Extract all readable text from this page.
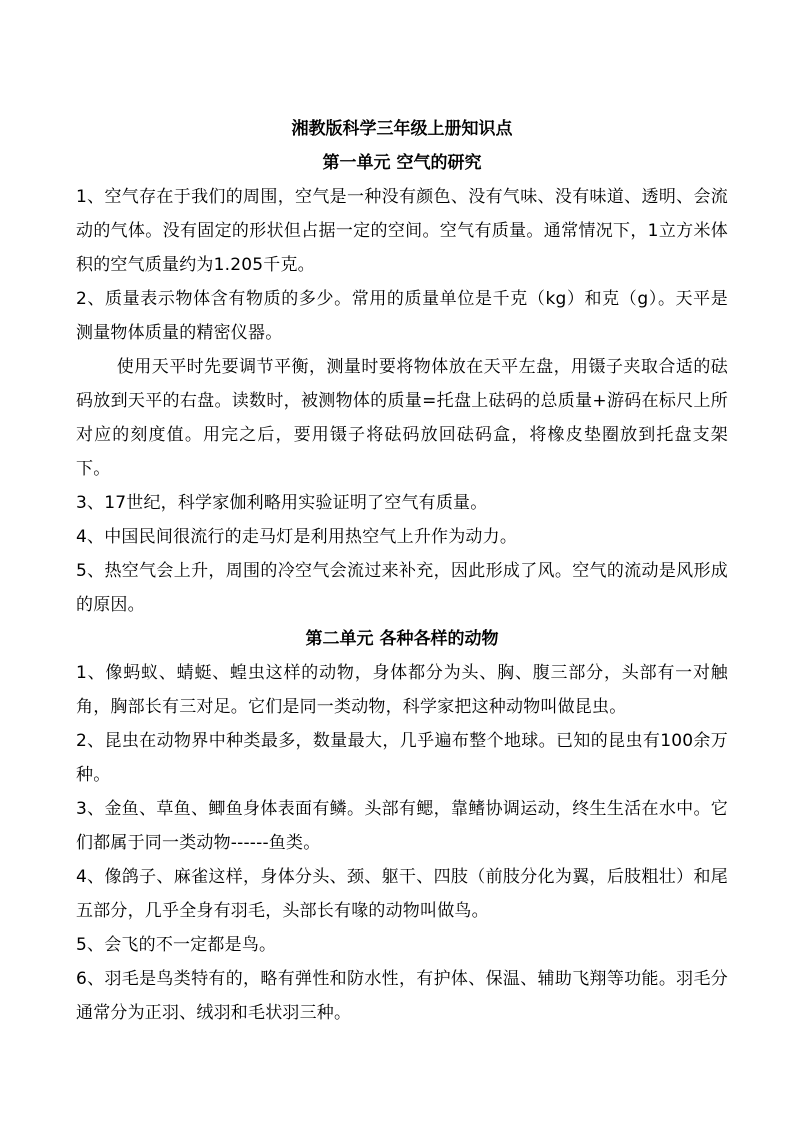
湘教版科学三年级上册知识点
第一单元 空气的研究

1、空气存在于我们的周围，空气是一种没有颜色、没有气味、没有味道、透明、会流动的气体。没有固定的形状但占据一定的空间。空气有质量。通常情况下，1立方米体积的空气质量约为1.205千克。

2、质量表示物体含有物质的多少。常用的质量单位是千克（kg）和克（g）。天平是测量物体质量的精密仪器。

使用天平时先要调节平衡，测量时要将物体放在天平左盘，用镊子夹取合适的砝码放到天平的右盘。读数时，被测物体的质量=托盘上砝码的总质量+游码在标尺上所对应的刻度值。用完之后，要用镊子将砝码放回砝码盒，将橡皮垫圈放到托盘支架下。

3、17世纪，科学家伽利略用实验证明了空气有质量。

4、中国民间很流行的走马灯是利用热空气上升作为动力。

5、热空气会上升，周围的冷空气会流过来补充，因此形成了风。空气的流动是风形成的原因。

第二单元 各种各样的动物

1、像蚂蚁、蜻蜓、蝗虫这样的动物，身体都分为头、胸、腹三部分，头部有一对触角，胸部长有三对足。它们是同一类动物，科学家把这种动物叫做昆虫。

2、昆虫在动物界中种类最多，数量最大，几乎遍布整个地球。已知的昆虫有100余万种。

3、金鱼、草鱼、鲫鱼身体表面有鳞。头部有鳃，靠鳍协调运动，终生生活在水中。它们都属于同一类动物------鱼类。

4、像鸽子、麻雀这样，身体分头、颈、躯干、四肢（前肢分化为翼，后肢粗壮）和尾五部分，几乎全身有羽毛，头部长有喙的动物叫做鸟。

5、会飞的不一定都是鸟。

6、羽毛是鸟类特有的，略有弹性和防水性，有护体、保温、辅助飞翔等功能。羽毛分通常分为正羽、绒羽和毛状羽三种。
